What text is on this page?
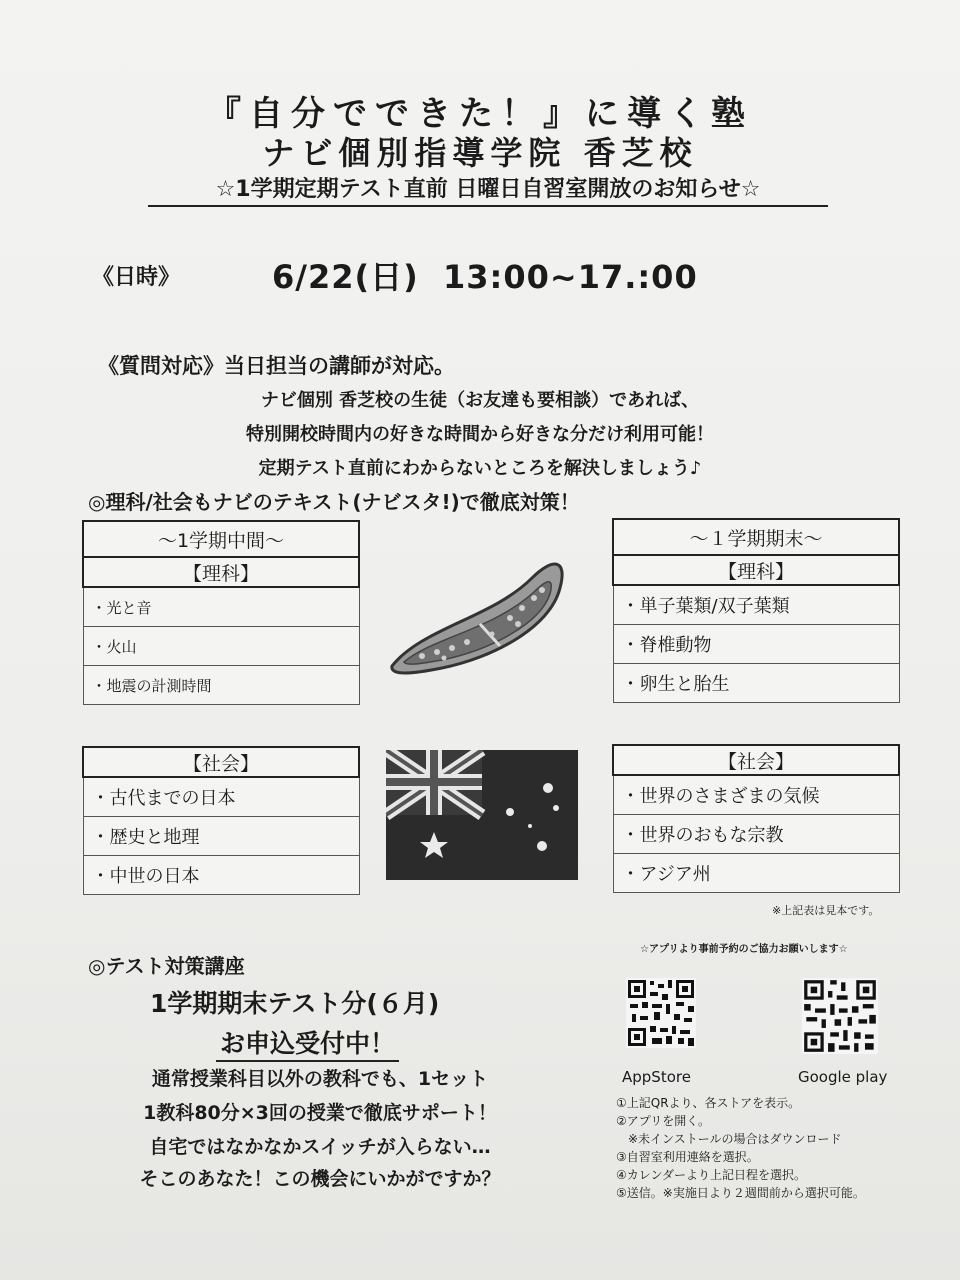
『自分でできた！』に導く塾
ナビ個別指導学院 香芝校
☆1学期定期テスト直前 日曜日自習室開放のお知らせ☆
《日時》	6/22(日)  13:00~17.:00
《質問対応》当日担当の講師が対応。
ナビ個別 香芝校の生徒（お友達も要相談）であれば、
特別開校時間内の好きな時間から好きな分だけ利用可能！
定期テスト直前にわからないところを解決しましょう♪
◎理科/社会もナビのテキスト(ナビスタ!)で徹底対策！
～1学期中間～
【理科】
・光と音
・火山
・地震の計測時間
～１学期期末～
【理科】
・単子葉類/双子葉類
・脊椎動物
・卵生と胎生
【社会】
・古代までの日本
・歴史と地理
・中世の日本
【社会】
・世界のさまざまの気候
・世界のおもな宗教
・アジア州
※上記表は見本です。
◎テスト対策講座
1学期期末テスト分(６月)
お申込受付中！
通常授業科目以外の教科でも、1セット
1教科80分×3回の授業で徹底サポート！
自宅ではなかなかスイッチが入らない…
そこのあなた！この機会にいかがですか？
☆アプリより事前予約のご協力お願いします☆
AppStore	Google play
①上記QRより、各ストアを表示。
②アプリを開く。
　※未インストールの場合はダウンロード
③自習室利用連絡を選択。
④カレンダーより上記日程を選択。
⑤送信。※実施日より２週間前から選択可能。
